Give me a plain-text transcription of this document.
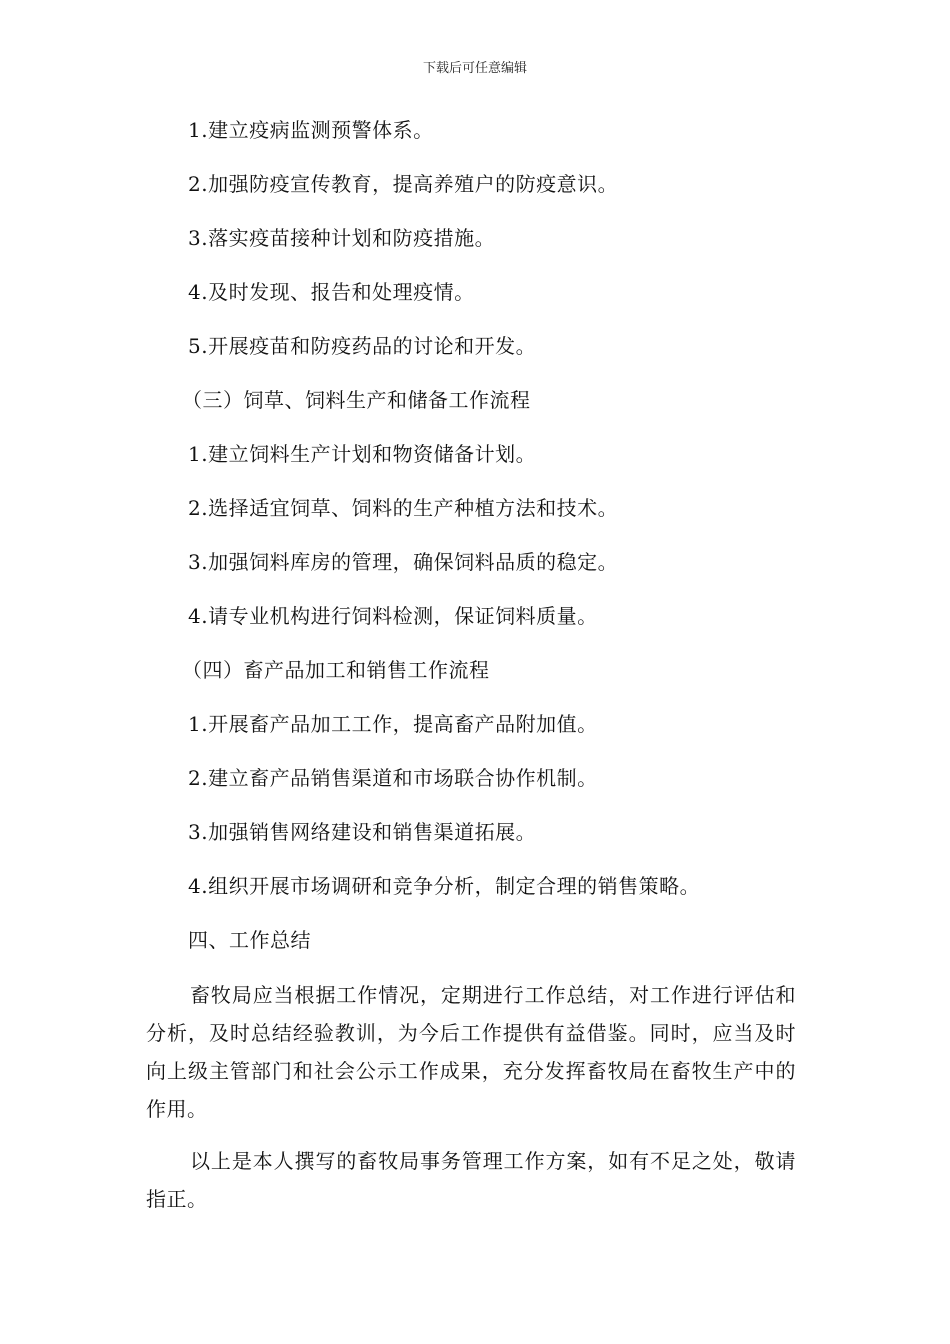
下载后可任意编辑
1.建立疫病监测预警体系。
2.加强防疫宣传教育，提高养殖户的防疫意识。
3.落实疫苗接种计划和防疫措施。
4.及时发现、报告和处理疫情。
5.开展疫苗和防疫药品的讨论和开发。
（三）饲草、饲料生产和储备工作流程
1.建立饲料生产计划和物资储备计划。
2.选择适宜饲草、饲料的生产种植方法和技术。
3.加强饲料库房的管理，确保饲料品质的稳定。
4.请专业机构进行饲料检测，保证饲料质量。
（四）畜产品加工和销售工作流程
1.开展畜产品加工工作，提高畜产品附加值。
2.建立畜产品销售渠道和市场联合协作机制。
3.加强销售网络建设和销售渠道拓展。
4.组织开展市场调研和竞争分析，制定合理的销售策略。
四、工作总结

畜牧局应当根据工作情况，定期进行工作总结，对工作进行评估和分析，及时总结经验教训，为今后工作提供有益借鉴。同时，应当及时向上级主管部门和社会公示工作成果，充分发挥畜牧局在畜牧生产中的作用。

以上是本人撰写的畜牧局事务管理工作方案，如有不足之处，敬请指正。
